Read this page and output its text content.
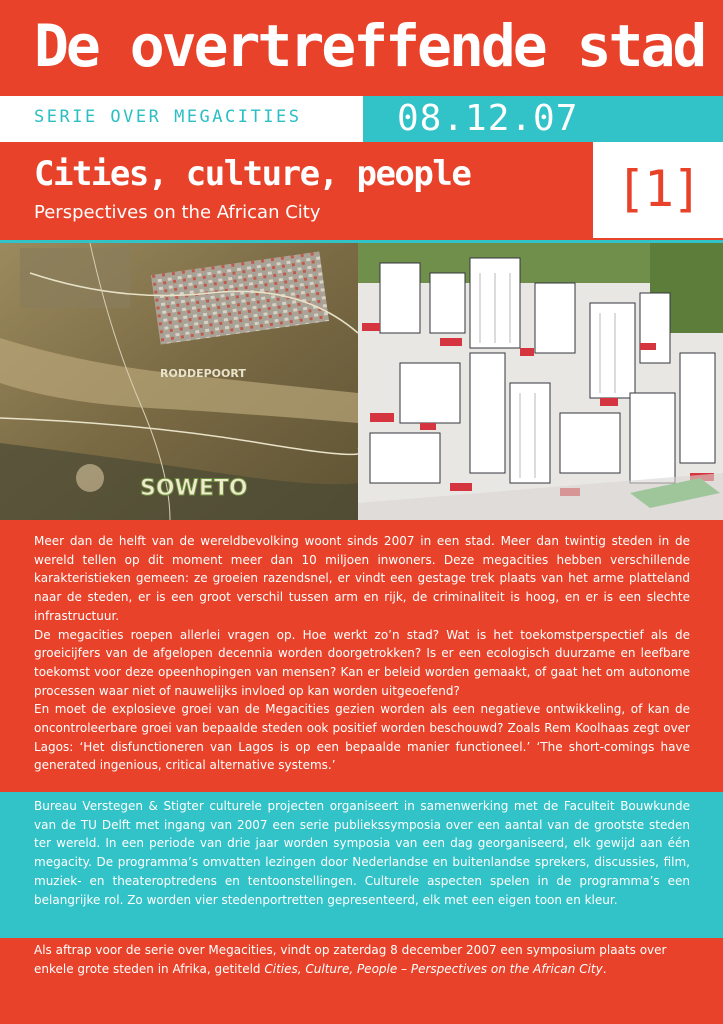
De overtreffende stad
SERIE OVER MEGACITIES	08.12.07
Cities, culture, people
Perspectives on the African City	[1]
RODDEPOORT
SOWETO

Meer dan de helft van de wereldbevolking woont sinds 2007 in een stad. Meer dan twintig steden in de wereld tellen op dit moment meer dan 10 miljoen inwoners. Deze megacities hebben verschillende karakteristieken gemeen: ze groeien razendsnel, er vindt een gestage trek plaats van het arme platteland naar de steden, er is een groot verschil tussen arm en rijk, de criminaliteit is hoog, en er is een slechte infrastructuur.

De megacities roepen allerlei vragen op. Hoe werkt zo’n stad? Wat is het toekomstperspectief als de groeicijfers van de afgelopen decennia worden doorgetrokken? Is er een ecologisch duurzame en leefbare toekomst voor deze opeenhopingen van mensen? Kan er beleid worden gemaakt, of gaat het om autonome processen waar niet of nauwelijks invloed op kan worden uitgeoefend?

En moet de explosieve groei van de Megacities gezien worden als een negatieve ontwikkeling, of kan de oncontroleerbare groei van bepaalde steden ook positief worden beschouwd? Zoals Rem Koolhaas zegt over Lagos: ‘Het disfunctioneren van Lagos is op een bepaalde manier functioneel.’ ‘The short-comings have generated ingenious, critical alternative systems.’

Bureau Verstegen & Stigter culturele projecten organiseert in samenwerking met de Faculteit Bouwkunde van de TU Delft met ingang van 2007 een serie publiekssymposia over een aantal van de grootste steden ter wereld. In een periode van drie jaar worden symposia van een dag georganiseerd, elk gewijd aan één megacity. De programma’s omvatten lezingen door Nederlandse en buitenlandse sprekers, discussies, film, muziek- en theateroptredens en tentoonstellingen. Culturele aspecten spelen in de programma’s een belangrijke rol. Zo worden vier stedenportretten gepresenteerd, elk met een eigen toon en kleur.

Als aftrap voor de serie over Megacities, vindt op zaterdag 8 december 2007 een symposium plaats over enkele grote steden in Afrika, getiteld Cities, Culture, People – Perspectives on the African City.
